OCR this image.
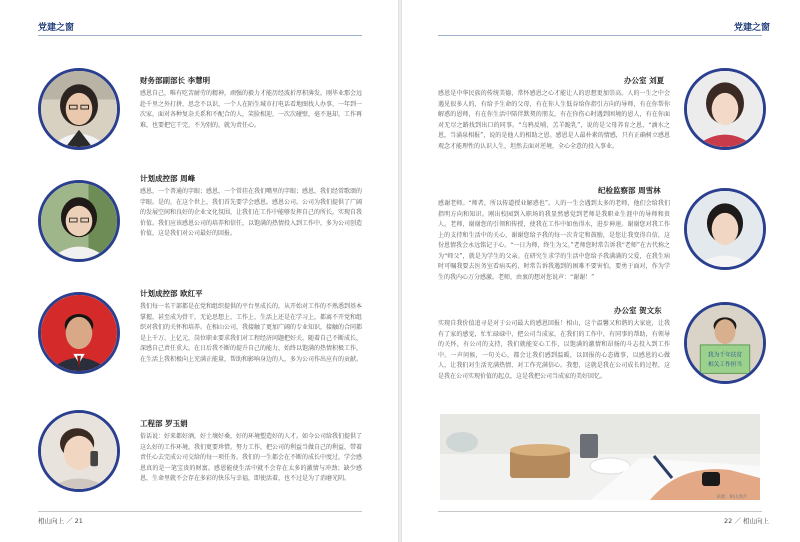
党建之窗
财务部副部长 李慧明

感恩自己，唯有吃苦耐劳的精神，顽强的毅力才能历经波折厚积薄发。刚毕业那会远赴千里之外打拼，思念不以识，一个人在陌生城市打电话看地图找人办事，一年到一次家，面对各种复杂关系和不配合的人，笑脸相迎，一次次碰壁，毫不退却，工作再难，也要把它干完，不为别的，就为责任心。

计划成控部 周峰

感恩，一个普通的字眼；感恩，一个常挂在我们嘴里的字眼；感恩，我们经常歌颂的字眼。是的，在这个世上，我们首先要学会感恩。感恩公司。公司为我们提供了广阔的发展空间和良好的企业文化氛围，让我们在工作中能够发挥自己的所长，实现自我价值。我们应该感恩公司的培养和信任，以饱满的热情投入到工作中，多为公司创造价值，这是我们对公司最好的回报。

计划成控部 欧红平

我们每一名干部都是在党和组织提供的平台里成长的，从开始对工作的不熟悉到基本掌握，甚至成为骨干，无论思想上、工作上、生活上还是在学习上，都离不开党和组织对我们的关怀和培养。在相山公司，我接触了更加广阔的专业知识，接触的合同都是上千万、上亿元，岗位职业要求我们对工程经济问题把好关，随着自己不断成长，深感自己责任重大。在日后我不断的提升自己的能力，始终以饱满的热情积极工作，在生活上我积极向上充满正能量，帮助和影响身边的人，多为公司作出应有的贡献。

工程部 罗玉娟

俗话说：好来都好酒，好土壤好桑，好的环境塑造好的人才。如今公司给我们提供了这么好的工作环境，我们更要珍惜。努力工作，把公司的利益当做自己的利益，带着责任心去完成公司交给的每一项任务。我们的一生都会在不断的成长中度过，学会感恩真的是一笔宝贵的财富。感恩能使生活中就不会存在太多的激情与冲劲；缺少感恩，生命里就不会存在多彩的快乐与幸福，即使活着，也不过是为了消磨光阴。

相山向上 ／ 21
党建之窗
办公室 刘夏

感恩是中华民族的传统美德，常怀感恩之心才能让人的思想更加崇高。人的一生之中会遇见很多人的，有给予生命的父母，有在你人生低谷给你指引方向的导师，有在你帮你解惑的恩师，有在你生活中陪伴默契的朋友，有在你伤心时遇到困境的恩人，有在你面对无尽之路找到出口的同事。“乌鸦反哺，羔羊跪乳”，说的是父母养育之恩，“滴水之恩，当涌泉相报”，说的是他人的相助之恩。感恩是人最朴素的情感，只有正确树立感恩观念才能理性的认识人生，坦然去面对逆境，全心全意的投入事业。

纪检监察部 周雪林

感谢老师。“师者，所以传道授业解惑也”。人的一生会遇到太多的老师，他们会给我们指明方向和知识。刚出校园到入职场的我显然感觉到老师是我职业生涯中的导师和贵人。老师，谢谢您的引领和传授，使我在工作中如鱼得水，进步神速。谢谢您对我工作上的支持和生活中的关心，谢谢您给予我的每一次肯定和鼓励，是您让我变得自信，这份恩情我会永远铭记于心。“一日为师，终生为父。”老师您时常告诉我“老师”在古代称之为“师父”，就是为学生的父亲。在研究生求学的生活中您给予我满满的父爱，在我生病时可嘱我要去医务室看病买药，时常告诉我遇到的困难不要害怕，要勇于面对，作为学生的我内心万分感激。老师，由衷的想对您说声：“谢谢！”

办公室 贺文东

实现自我价值追寻是对于公司最大的感恩回报！相山，这个温馨又和谐的大家庭，让我有了家的感觉，忙忙碌碌中，把公司当成家，在我们的工作中，有同事的帮助，有领导的关怀，有公司的支持，我们就能安心工作，以饱满的激情和昂扬的斗志投入到工作中。一声问候，一句关心，都会让我们感到温暖，以回报的心态做事，以感恩的心做人，让我们对生活充满热情、对工作充满信心。我想，这就是我在公司成长的过程，这是我在公司实现价值的起点，这是我把公司当成家的美好回忆。

我为千年扶贫
相关工作担当
来源：相山图片
22 ／ 相山向上
